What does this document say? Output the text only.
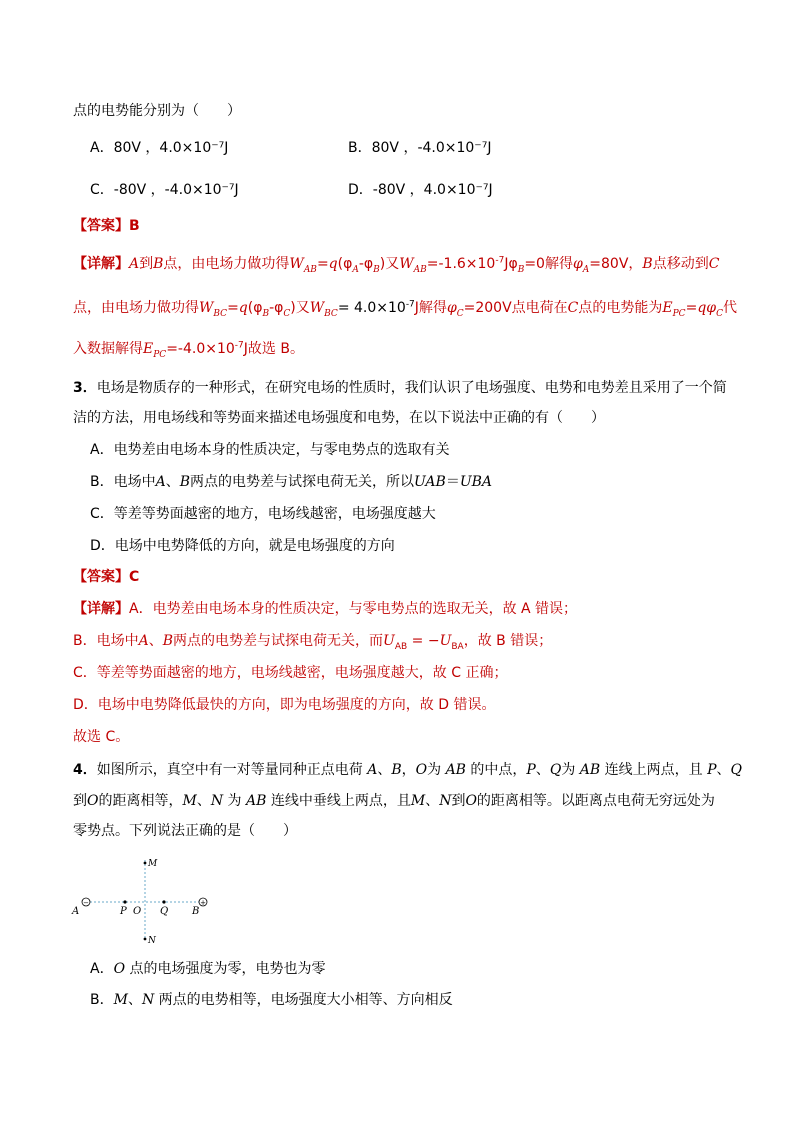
点的电势能分别为（　　）
A．80V ，4.0×10⁻⁷J	B．80V ，-4.0×10⁻⁷J
C．-80V ，-4.0×10⁻⁷J	D．-80V ，4.0×10⁻⁷J
【答案】B
【详解】A到B点，由电场力做功得$W_{AB}=q(\varphi_A-\varphi_B)$又$W_{AB}=-1.6\times 10^{-7}J\varphi_B=0$解得$\varphi_A=80V$，B点移动到C
点，由电场力做功得$W_{BC}=q(\varphi_B-\varphi_C)$又$W_{BC}= 4.0\times 10^{-7}J$解得$\varphi_C=200V$点电荷在C点的电势能为$E_{PC}=q\varphi_C$代
入数据解得$E_{PC}=-4.0\times 10^{-7}J$故选 B。
3．电场是物质存的一种形式，在研究电场的性质时，我们认识了电场强度、电势和电势差且采用了一个简
洁的方法，用电场线和等势面来描述电场强度和电势，在以下说法中正确的有（　　）
A．电势差由电场本身的性质决定，与零电势点的选取有关
B．电场中A、B两点的电势差与试探电荷无关，所以UAB＝UBA
C．等差等势面越密的地方，电场线越密，电场强度越大
D．电场中电势降低的方向，就是电场强度的方向
【答案】C
【详解】A．电势差由电场本身的性质决定，与零电势点的选取无关，故 A 错误；
B．电场中A、B两点的电势差与试探电荷无关，而$U_{AB} = -U_{BA}$，故 B 错误；
C．等差等势面越密的地方，电场线越密，电场强度越大，故 C 正确；
D．电场中电势降低最快的方向，即为电场强度的方向，故 D 错误。
故选 C。
4．如图所示，真空中有一对等量同种正点电荷 A、B，O为 AB 的中点，P、Q为 AB 连线上两点，且 P、Q
到O的距离相等，M、N 为 AB 连线中垂线上两点，且M、N到O的距离相等。以距离点电荷无穷远处为
零势点。下列说法正确的是（　　）
−	+
A	B
P O Q
M
N
A．O 点的电场强度为零，电势也为零
B．M、N 两点的电势相等，电场强度大小相等、方向相反
